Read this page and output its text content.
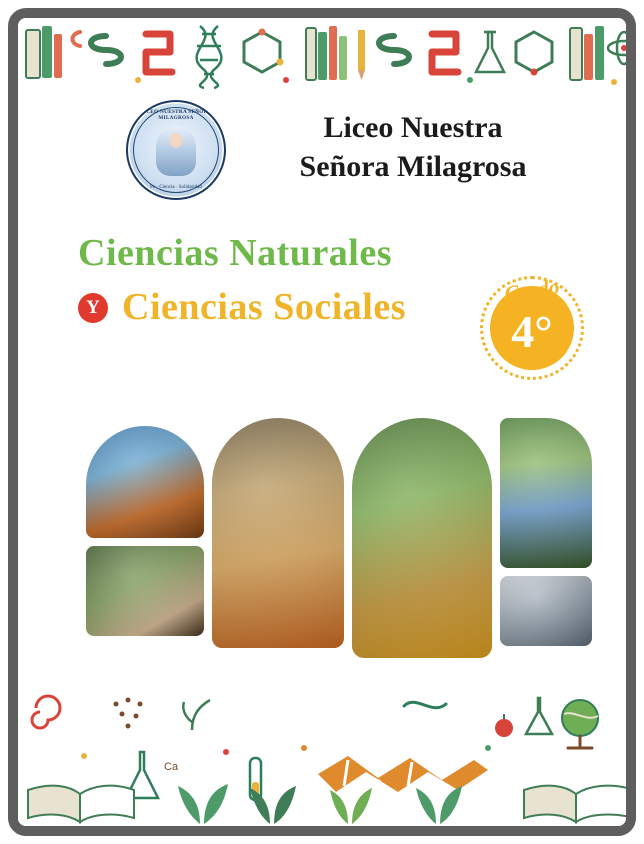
LICEO NUESTRA SEÑORA MILAGROSA
Fe · Ciencia · Solidaridad
Liceo Nuestra
Señora Milagrosa
Ciencias Naturales
Y Ciencias Sociales 4°
Grado
Ca
